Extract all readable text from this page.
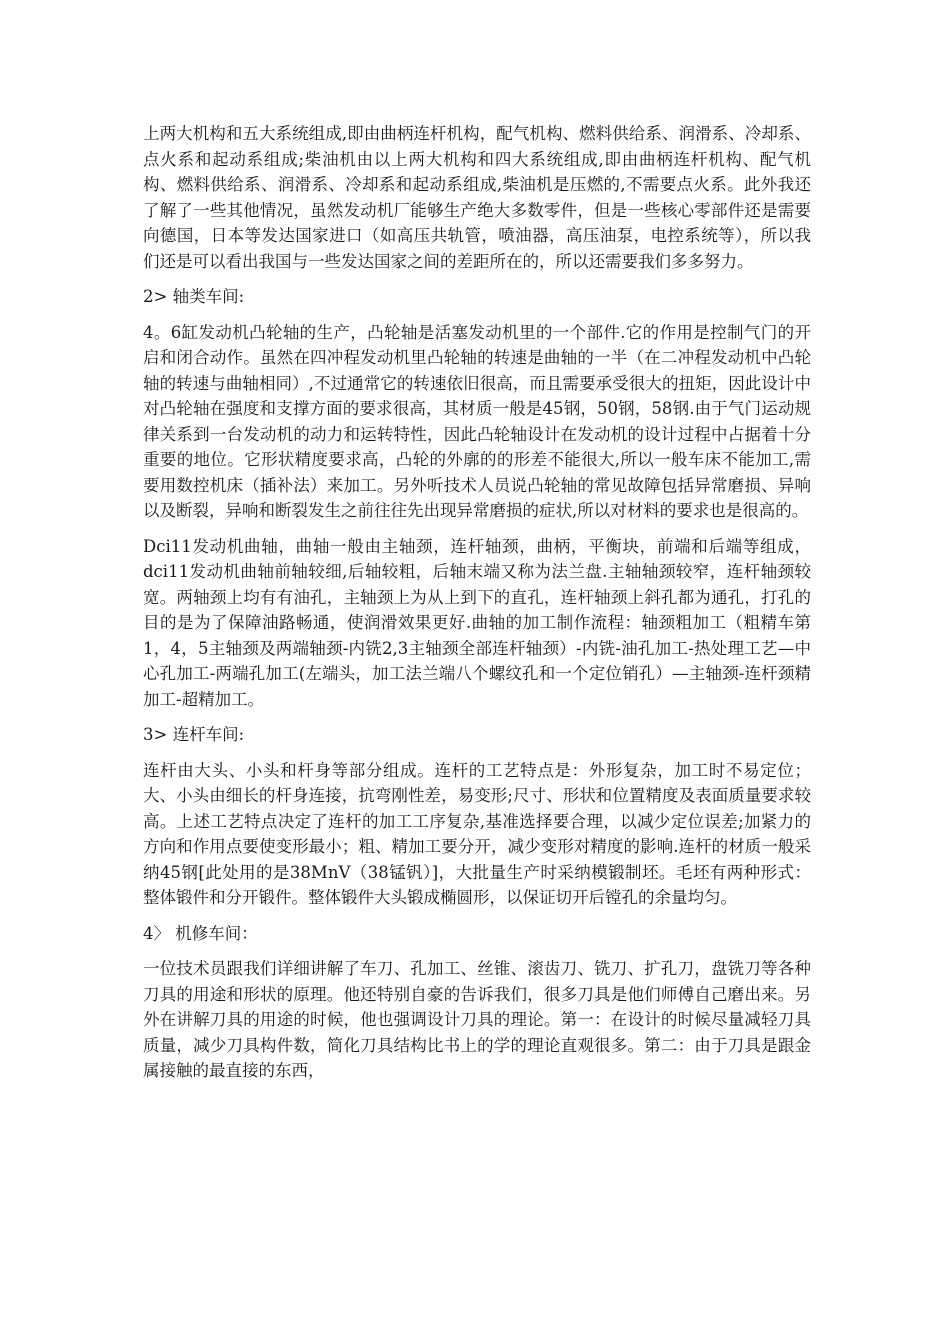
上两大机构和五大系统组成,即由曲柄连杆机构，配气机构、燃料供给系、润滑系、冷却系、点火系和起动系组成;柴油机由以上两大机构和四大系统组成,即由曲柄连杆机构、配气机构、燃料供给系、润滑系、冷却系和起动系组成,柴油机是压燃的,不需要点火系。此外我还了解了一些其他情况，虽然发动机厂能够生产绝大多数零件，但是一些核心零部件还是需要向德国，日本等发达国家进口（如高压共轨管，喷油器，高压油泵，电控系统等），所以我们还是可以看出我国与一些发达国家之间的差距所在的，所以还需要我们多多努力。

2> 轴类车间:

4。6缸发动机凸轮轴的生产，凸轮轴是活塞发动机里的一个部件.它的作用是控制气门的开启和闭合动作。虽然在四冲程发动机里凸轮轴的转速是曲轴的一半（在二冲程发动机中凸轮轴的转速与曲轴相同）,不过通常它的转速依旧很高，而且需要承受很大的扭矩，因此设计中对凸轮轴在强度和支撑方面的要求很高，其材质一般是45钢，50钢，58钢.由于气门运动规律关系到一台发动机的动力和运转特性，因此凸轮轴设计在发动机的设计过程中占据着十分重要的地位。它形状精度要求高，凸轮的外廓的的形差不能很大,所以一般车床不能加工,需要用数控机床（插补法）来加工。另外听技术人员说凸轮轴的常见故障包括异常磨损、异响以及断裂，异响和断裂发生之前往往先出现异常磨损的症状,所以对材料的要求也是很高的。

Dci11发动机曲轴，曲轴一般由主轴颈，连杆轴颈，曲柄，平衡块，前端和后端等组成，dci11发动机曲轴前轴较细,后轴较粗，后轴末端又称为法兰盘.主轴轴颈较窄，连杆轴颈较宽。两轴颈上均有有油孔，主轴颈上为从上到下的直孔，连杆轴颈上斜孔都为通孔，打孔的目的是为了保障油路畅通，使润滑效果更好.曲轴的加工制作流程：轴颈粗加工（粗精车第1，4，5主轴颈及两端轴颈-内铣2,3主轴颈全部连杆轴颈）-内铣-油孔加工-热处理工艺—中心孔加工-两端孔加工(左端头，加工法兰端八个螺纹孔和一个定位销孔）—主轴颈-连杆颈精加工-超精加工。

3> 连杆车间:

连杆由大头、小头和杆身等部分组成。连杆的工艺特点是：外形复杂，加工时不易定位；大、小头由细长的杆身连接，抗弯刚性差，易变形;尺寸、形状和位置精度及表面质量要求较高。上述工艺特点决定了连杆的加工工序复杂,基准选择要合理，以减少定位误差;加紧力的方向和作用点要使变形最小；粗、精加工要分开，减少变形对精度的影响.连杆的材质一般采纳45钢[此处用的是38MnV（38锰钒）]，大批量生产时采纳模锻制坯。毛坯有两种形式：整体锻件和分开锻件。整体锻件大头锻成椭圆形，以保证切开后镗孔的余量均匀。

4〉 机修车间：

一位技术员跟我们详细讲解了车刀、孔加工、丝锥、滚齿刀、铣刀、扩孔刀，盘铣刀等各种刀具的用途和形状的原理。他还特别自豪的告诉我们，很多刀具是他们师傅自己磨出来。另外在讲解刀具的用途的时候，他也强调设计刀具的理论。第一：在设计的时候尽量减轻刀具质量，减少刀具构件数，简化刀具结构比书上的学的理论直观很多。第二：由于刀具是跟金属接触的最直接的东西，
